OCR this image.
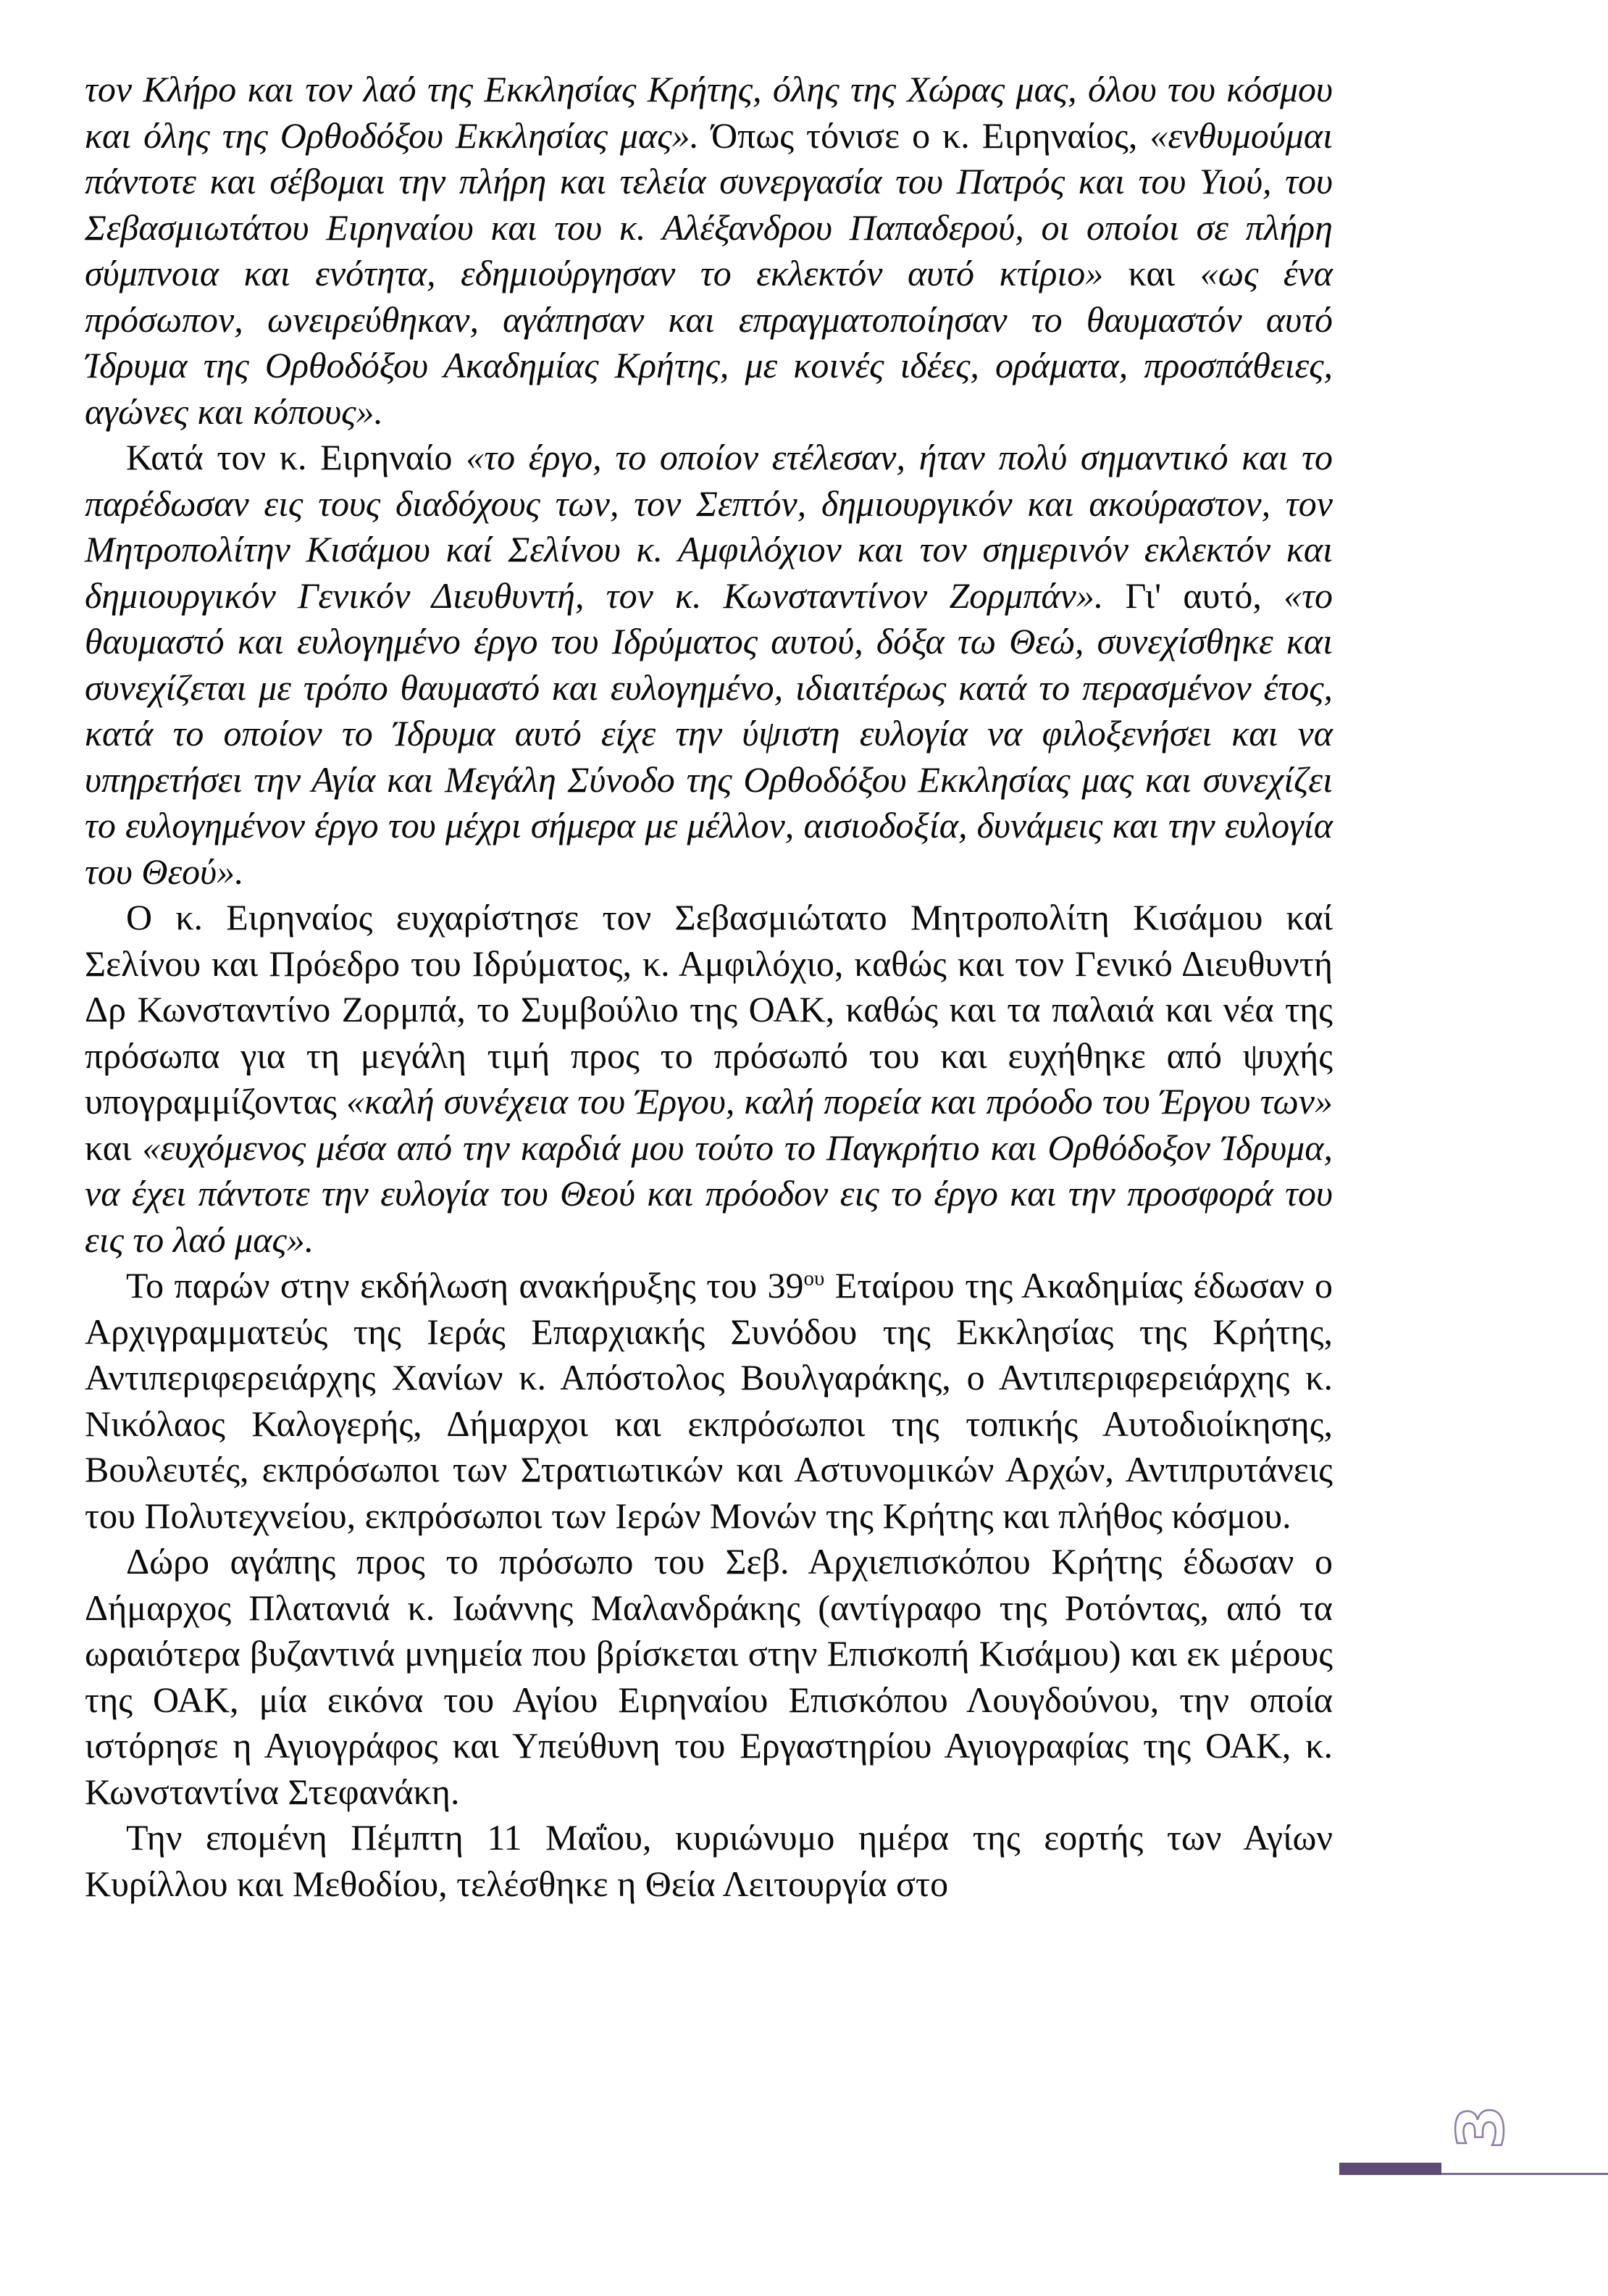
τον Κλήρο και τον λαό της Εκκλησίας Κρήτης, όλης της Χώρας μας, όλου του κόσμου και όλης της Ορθοδόξου Εκκλησίας μας». Όπως τόνισε ο κ. Ειρηναίος, «ενθυμούμαι πάντοτε και σέβομαι την πλήρη και τελεία συνεργασία του Πατρός και του Υιού, του Σεβασμιωτάτου Ειρηναίου και του κ. Αλέξανδρου Παπαδερού, οι οποίοι σε πλήρη σύμπνοια και ενότητα, εδημιούργησαν το εκλεκτόν αυτό κτίριο» και «ως ένα πρόσωπον, ωνειρεύθηκαν, αγάπησαν και επραγματοποίησαν το θαυμαστόν αυτό Ίδρυμα της Ορθοδόξου Ακαδημίας Κρήτης, με κοινές ιδέες, οράματα, προσπάθειες, αγώνες και κόπους».

Κατά τον κ. Ειρηναίο «το έργο, το οποίον ετέλεσαν, ήταν πολύ σημαντικό και το παρέδωσαν εις τους διαδόχους των, τον Σεπτόν, δημιουργικόν και ακούραστον, τον Μητροπολίτην Κισάμου καί Σελίνου κ. Αμφιλόχιον και τον σημερινόν εκλεκτόν και δημιουργικόν Γενικόν Διευθυντή, τον κ. Κωνσταντίνον Ζορμπάν». Γι' αυτό, «το θαυμαστό και ευλογημένο έργο του Ιδρύματος αυτού, δόξα τω Θεώ, συνεχίσθηκε και συνεχίζεται με τρόπο θαυμαστό και ευλογημένο, ιδιαιτέρως κατά το περασμένον έτος, κατά το οποίον το Ίδρυμα αυτό είχε την ύψιστη ευλογία να φιλοξενήσει και να υπηρετήσει την Αγία και Μεγάλη Σύνοδο της Ορθοδόξου Εκκλησίας μας και συνεχίζει το ευλογημένον έργο του μέχρι σήμερα με μέλλον, αισιοδοξία, δυνάμεις και την ευλογία του Θεού».

Ο κ. Ειρηναίος ευχαρίστησε τον Σεβασμιώτατο Μητροπολίτη Κισάμου καί Σελίνου και Πρόεδρο του Ιδρύματος, κ. Αμφιλόχιο, καθώς και τον Γενικό Διευθυντή Δρ Κωνσταντίνο Ζορμπά, το Συμβούλιο της ΟΑΚ, καθώς και τα παλαιά και νέα της πρόσωπα για τη μεγάλη τιμή προς το πρόσωπό του και ευχήθηκε από ψυχής υπογραμμίζοντας «καλή συνέχεια του Έργου, καλή πορεία και πρόοδο του Έργου των» και «ευχόμενος μέσα από την καρδιά μου τούτο το Παγκρήτιο και Ορθόδοξον Ίδρυμα, να έχει πάντοτε την ευλογία του Θεού και πρόοδον εις το έργο και την προσφορά του εις το λαό μας».

Το παρών στην εκδήλωση ανακήρυξης του $39^{o\upsilon}$ Εταίρου της Ακαδημίας έδωσαν ο Αρχιγραμματεύς της Ιεράς Επαρχιακής Συνόδου της Εκκλησίας της Κρήτης, Αντιπεριφερειάρχης Χανίων κ. Απόστολος Βουλγαράκης, ο Αντιπεριφερειάρχης κ. Νικόλαος Καλογερής, Δήμαρχοι και εκπρόσωποι της τοπικής Αυτοδιοίκησης, Βουλευτές, εκπρόσωποι των Στρατιωτικών και Αστυνομικών Αρχών, Αντιπρυτάνεις του Πολυτεχνείου, εκπρόσωποι των Ιερών Μονών της Κρήτης και πλήθος κόσμου.

Δώρο αγάπης προς το πρόσωπο του Σεβ. Αρχιεπισκόπου Κρήτης έδωσαν ο Δήμαρχος Πλατανιά κ. Ιωάννης Μαλανδράκης (αντίγραφο της Ροτόντας, από τα ωραιότερα βυζαντινά μνημεία που βρίσκεται στην Επισκοπή Κισάμου) και εκ μέρους της ΟΑΚ, μία εικόνα του Αγίου Ειρηναίου Επισκόπου Λουγδούνου, την οποία ιστόρησε η Αγιογράφος και Υπεύθυνη του Εργαστηρίου Αγιογραφίας της ΟΑΚ, κ. Κωνσταντίνα Στεφανάκη.

Την επομένη Πέμπτη 11 Μαΐου, κυριώνυμο ημέρα της εορτής των Αγίων Κυρίλλου και Μεθοδίου, τελέσθηκε η Θεία Λειτουργία στο

3
